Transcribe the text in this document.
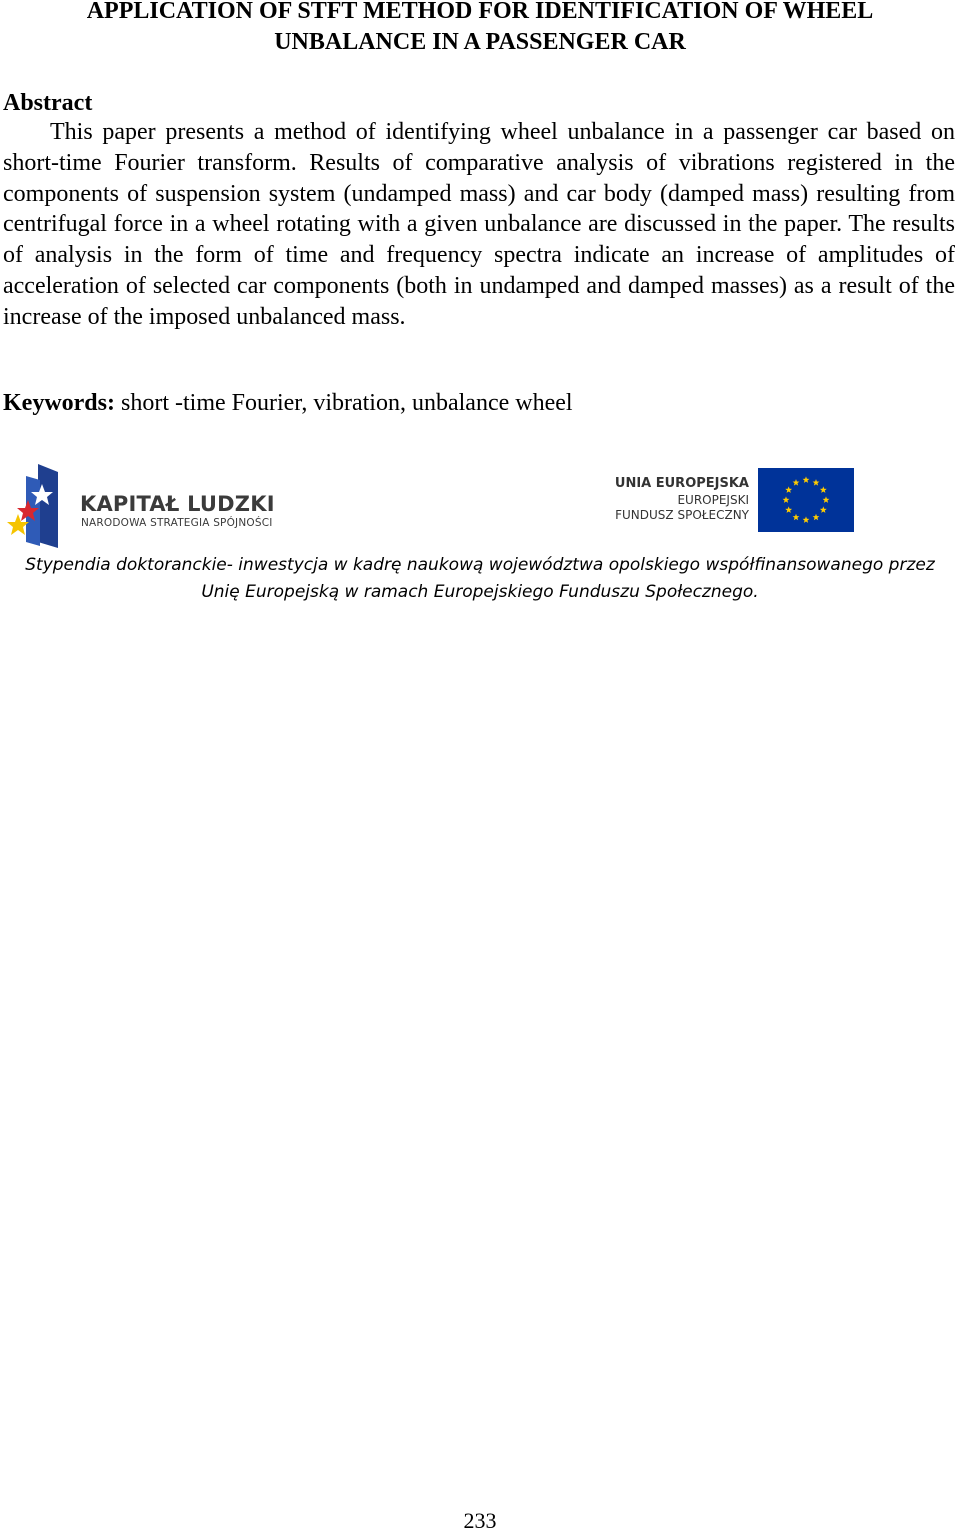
APPLICATION OF STFT METHOD FOR IDENTIFICATION OF WHEEL
UNBALANCE IN A PASSENGER CAR
Abstract

This paper presents a method of identifying wheel unbalance in a passenger car based on short-time Fourier transform. Results of comparative analysis of vibrations registered in the components of suspension system (undamped mass) and car body (damped mass) resulting from centrifugal force in a wheel rotating with a given unbalance are discussed in the paper. The results of analysis in the form of time and frequency spectra indicate an increase of amplitudes of acceleration of selected car components (both in undamped and damped masses) as a result of the increase of the imposed unbalanced mass.

Keywords: short -time Fourier, vibration, unbalance wheel
KAPITAŁ LUDZKI
NARODOWA STRATEGIA SPÓJNOŚCI
UNIA EUROPEJSKA
EUROPEJSKI
FUNDUSZ SPOŁECZNY
Stypendia doktoranckie- inwestycja w kadrę naukową województwa opolskiego współfinansowanego przez
Unię Europejską w ramach Europejskiego Funduszu Społecznego.
233
